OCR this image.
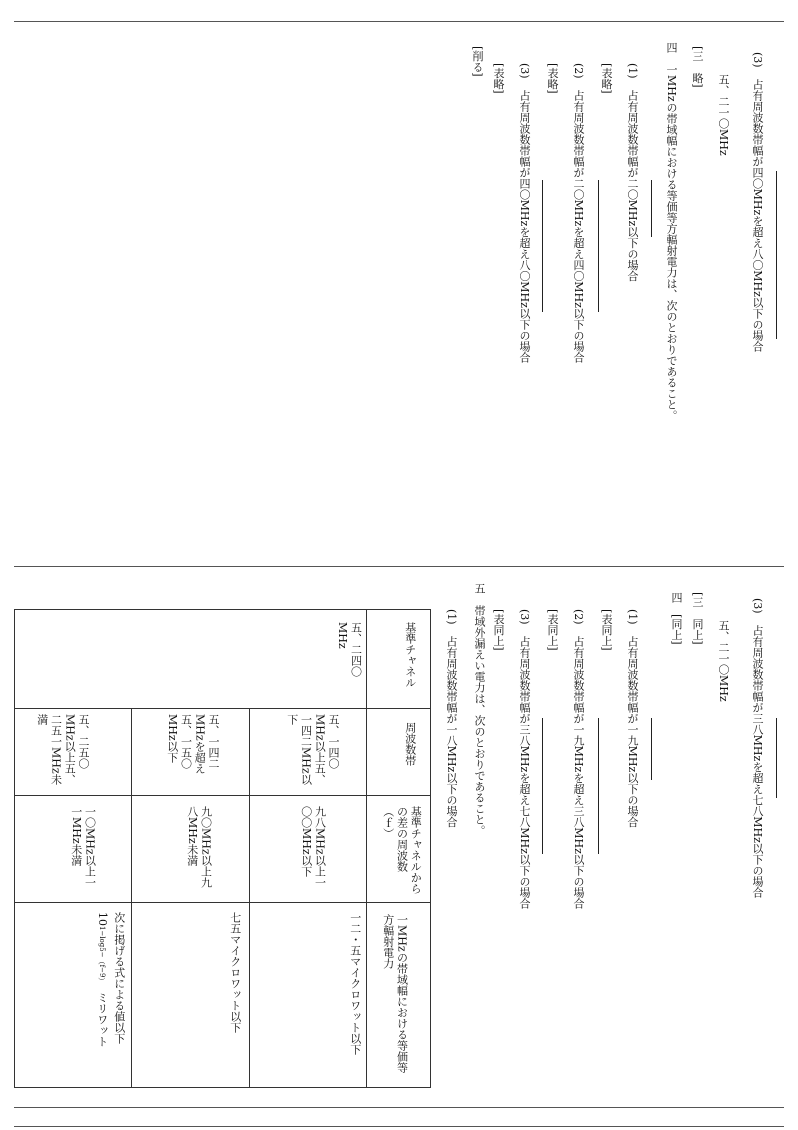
(3)　占有周波数帯幅が四〇MHzを超え八〇MHz以下の場合
　　五、二一〇MHz
[三　略]
四　一MHzの帯域幅における等価等方輻射電力は、次のとおりであること。
　(1)　占有周波数帯幅が二〇MHz以下の場合
　[表略]
　(2)　占有周波数帯幅が二〇MHzを超え四〇MHz以下の場合
　[表略]
　(3)　占有周波数帯幅が四〇MHzを超え八〇MHz以下の場合
　[表略]
[削る]
(3)　占有周波数帯幅が三八MHzを超え七八MHz以下の場合
　　五、二一〇MHz
[三　同上]
四　[同上]
　(1)　占有周波数帯幅が一九MHz以下の場合
　[表同上]
　(2)　占有周波数帯幅が一九MHzを超え三八MHz以下の場合
　[表同上]
　(3)　占有周波数帯幅が三八MHzを超え七八MHz以下の場合
　[表同上]
五　帯域外漏えい電力は、次のとおりであること。
　(1)　占有周波数帯幅が一八MHz以下の場合
基準チャネル
周波数帯
基準チャネルからの差の周波数（ｆ）
一MHzの帯域幅における等価等方輻射電力
五、二四〇MHz
五、一四〇MHz以上五、一四二MHz以下
九八MHz以上一〇〇MHz以下
一二・五マイクロワット以下
五、一四二MHzを超え五、一五〇MHz以下
九〇MHz以上九八MHz未満
七五マイクロワット以下
五、二五〇MHz以上五、二五一MHz未満
一〇MHz以上一一MHz未満
次に掲げる式による値以下
101−log5−（f−9）　ミリワット
